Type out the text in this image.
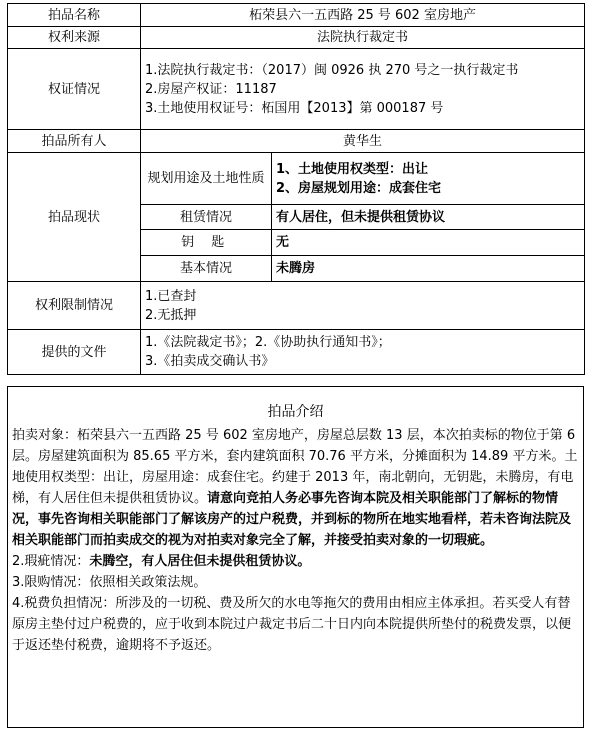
拍品名称	柘荣县六一五西路 25 号 602 室房地产	
权利来源	法院执行裁定书	
权证情况	1.法院执行裁定书：（2017）闽 0926 执 270 号之一执行裁定书
2.房屋产权证：11187
3.土地使用权证号：柘国用【2013】第 000187 号	

拍品所有人	黄华生	
拍品现状	规划用途及土地性质	1、土地使用权类型：出让
2、房屋规划用途：成套住宅

	租赁情况	有人居住，但未提供租赁协议
	钥 匙	无
	基本情况	未腾房
权利限制情况	1.已查封
2.无抵押	

提供的文件	1.《法院裁定书》；2.《协助执行通知书》；
3.《拍卖成交确认书》	
拍品介绍

拍卖对象：柘荣县六一五西路 25 号 602 室房地产，房屋总层数 13 层，本次拍卖标的物位于第 6 层。房屋建筑面积为 85.65 平方米，套内建筑面积 70.76 平方米，分摊面积为 14.89 平方米。土地使用权类型：出让，房屋用途：成套住宅。约建于 2013 年，南北朝向，无钥匙，未腾房，有电梯，有人居住但未提供租赁协议。请意向竞拍人务必事先咨询本院及相关职能部门了解标的物情况，事先咨询相关职能部门了解该房产的过户税费，并到标的物所在地实地看样，若未咨询法院及相关职能部门而拍卖成交的视为对拍卖对象完全了解，并接受拍卖对象的一切瑕疵。

2.瑕疵情况：未腾空，有人居住但未提供租赁协议。

3.限购情况：依照相关政策法规。

4.税费负担情况：所涉及的一切税、费及所欠的水电等拖欠的费用由相应主体承担。若买受人有替原房主垫付过户税费的，应于收到本院过户裁定书后二十日内向本院提供所垫付的税费发票，以便于返还垫付税费，逾期将不予返还。
